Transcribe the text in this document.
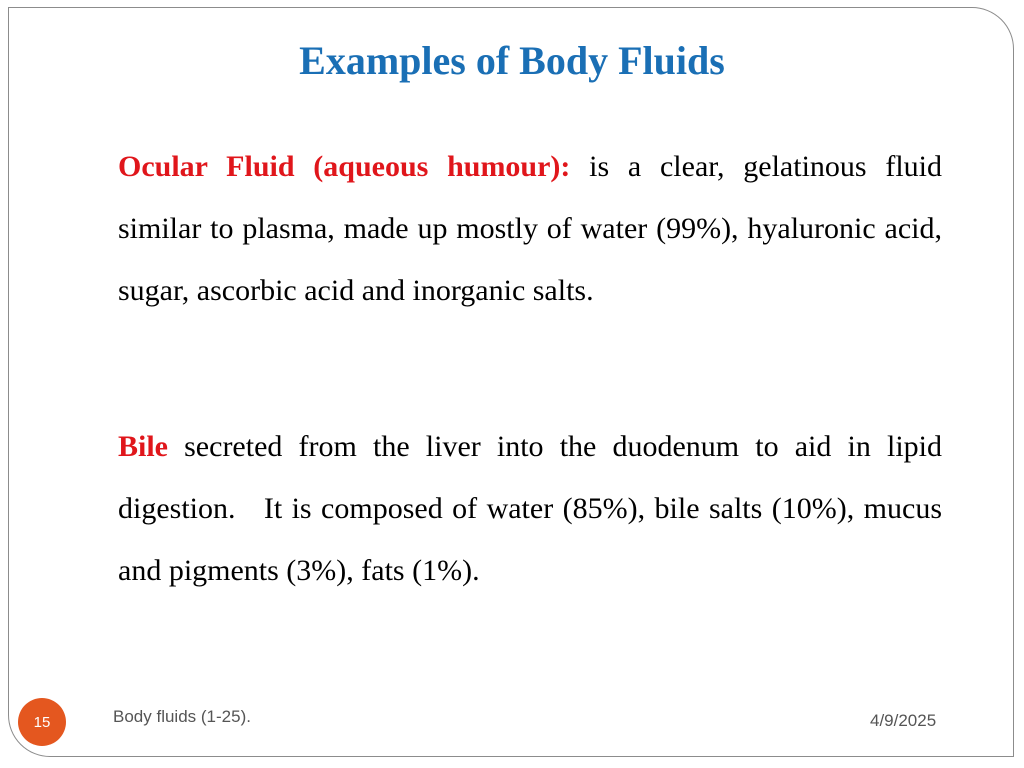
Examples of Body Fluids

Ocular Fluid (aqueous humour): is a clear, gelatinous fluid similar to plasma, made up mostly of water (99%), hyaluronic acid, sugar, ascorbic acid and inorganic salts.

Bile secreted from the liver into the duodenum to aid in lipid digestion.   It is composed of water (85%), bile salts (10%), mucus and pigments (3%), fats (1%).

15	Body fluids (1-25).	4/9/2025
